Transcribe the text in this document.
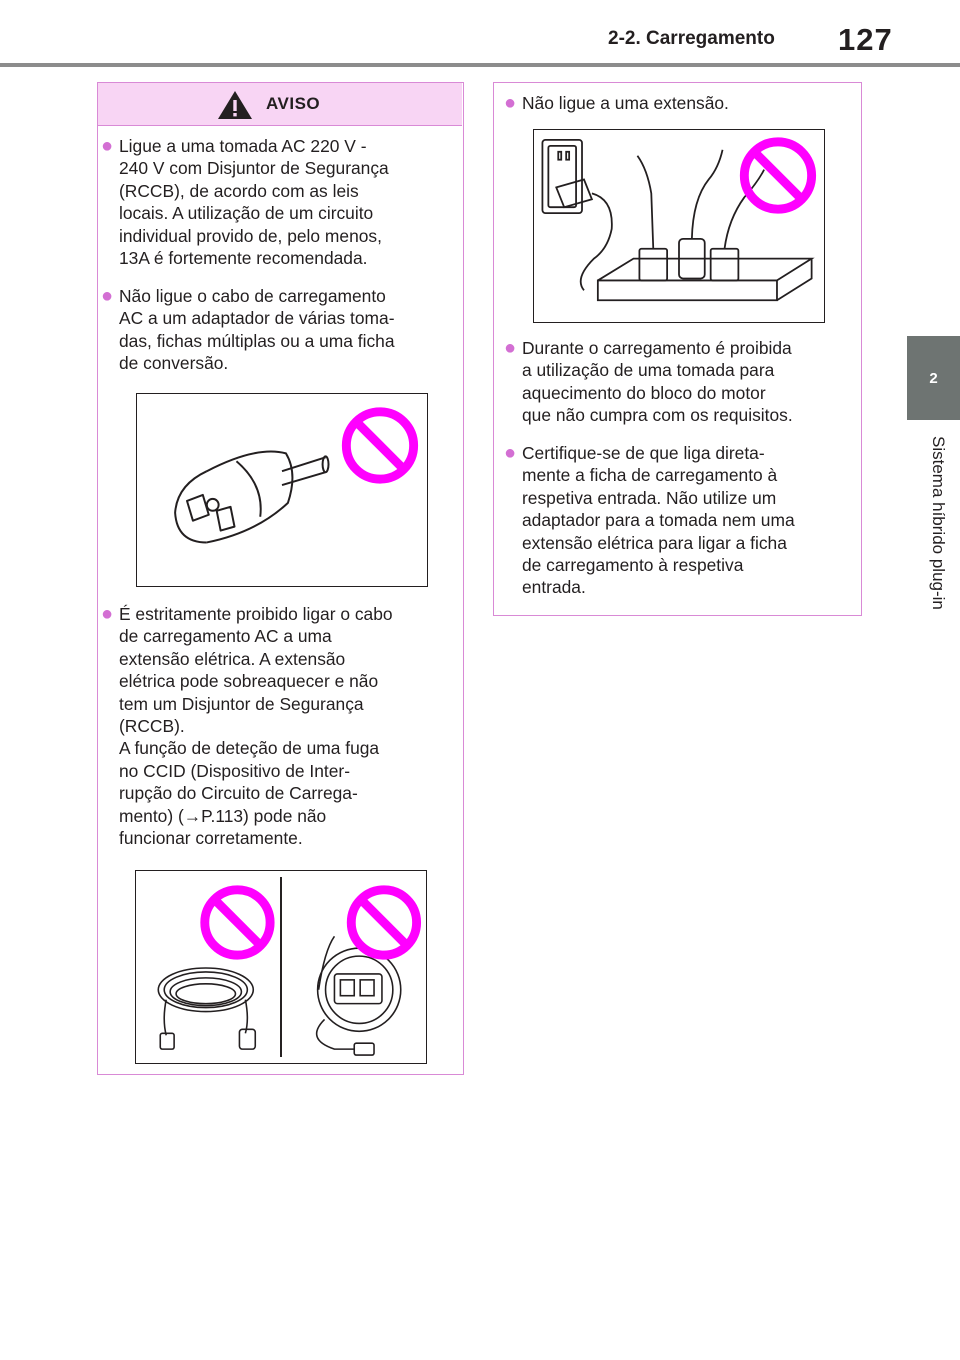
2-2. Carregamento 127
2
Sistema híbrido plug-in
AVISO
● Ligue a uma tomada AC 220 V -
240 V com Disjuntor de Segurança
(RCCB), de acordo com as leis
locais. A utilização de um circuito
individual provido de, pelo menos,
13A é fortemente recomendada.
● Não ligue o cabo de carregamento
AC a um adaptador de várias toma-
das, fichas múltiplas ou a uma ficha
de conversão.
● É estritamente proibido ligar o cabo
de carregamento AC a uma
extensão elétrica. A extensão
elétrica pode sobreaquecer e não
tem um Disjuntor de Segurança
(RCCB).
A função de deteção de uma fuga
no CCID (Dispositivo de Inter-
rupção do Circuito de Carrega-
mento) (→P.113) pode não
funcionar corretamente.
● Não ligue a uma extensão.
● Durante o carregamento é proibida
a utilização de uma tomada para
aquecimento do bloco do motor
que não cumpra com os requisitos.
● Certifique-se de que liga direta-
mente a ficha de carregamento à
respetiva entrada. Não utilize um
adaptador para a tomada nem uma
extensão elétrica para ligar a ficha
de carregamento à respetiva
entrada.
